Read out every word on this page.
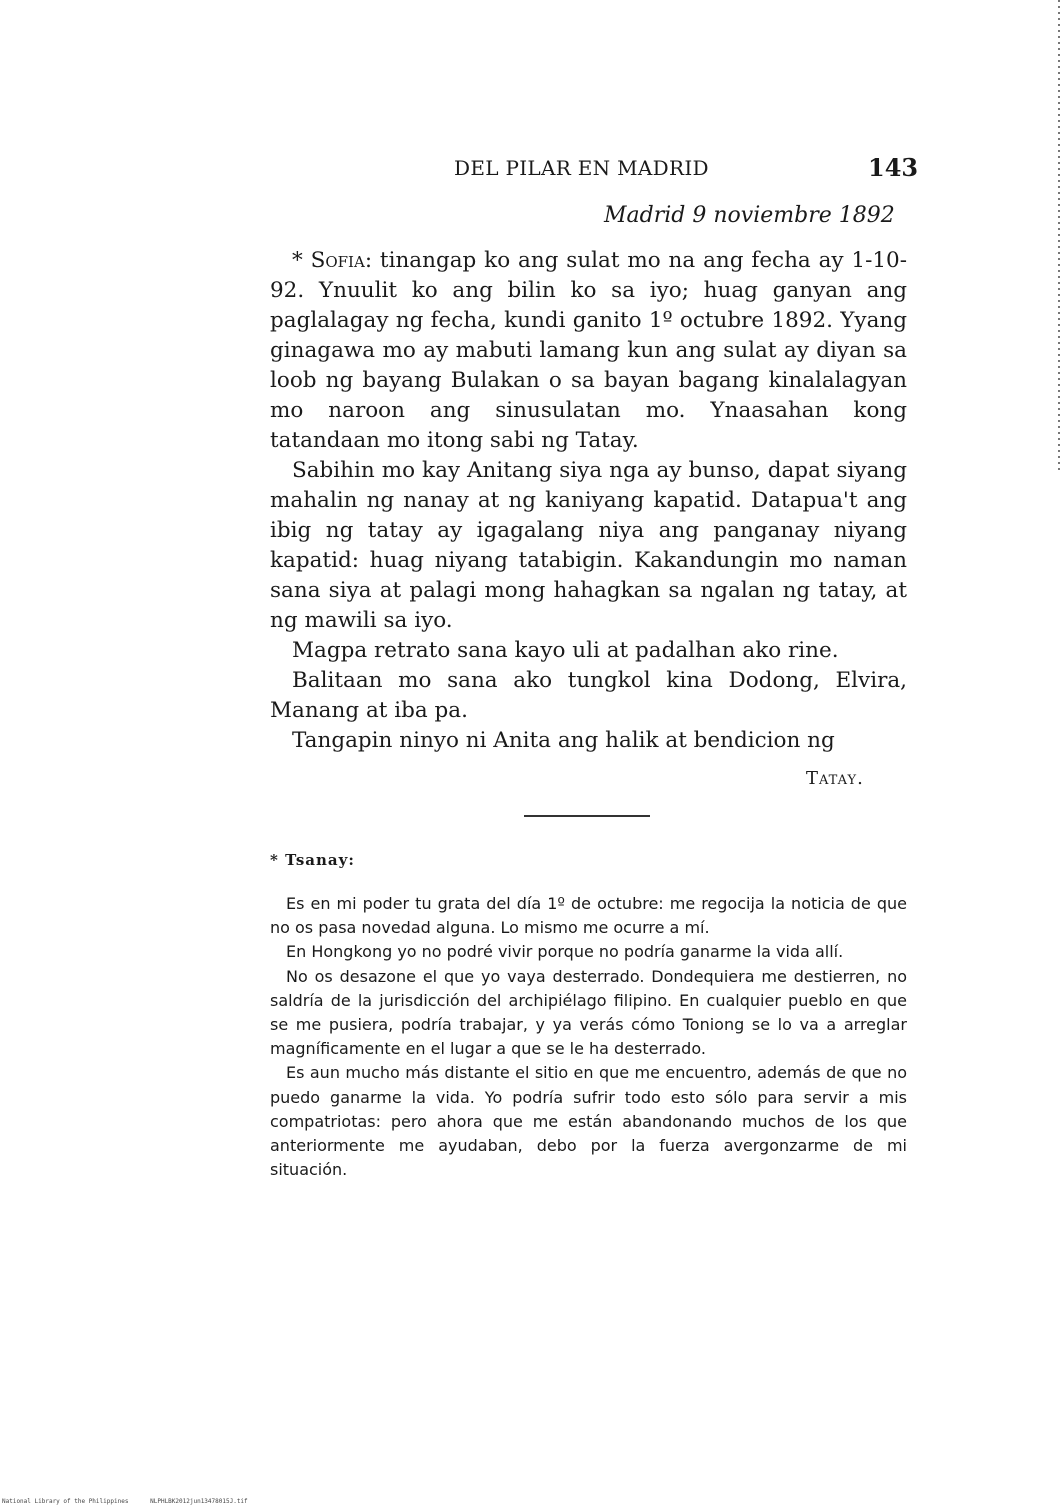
DEL PILAR EN MADRID	143
Madrid 9 noviembre 1892

* Sofia: tinangap ko ang sulat mo na ang fecha ay 1-10-92. Ynuulit ko ang bilin ko sa iyo; huag ganyan ang paglalagay ng fecha, kundi ganito 1º octubre 1892. Yyang ginagawa mo ay mabuti lamang kun ang sulat ay diyan sa loob ng bayang Bulakan o sa bayan bagang kinalalagyan mo naroon ang sinusulatan mo. Ynaasahan kong tatandaan mo itong sabi ng Tatay.

Sabihin mo kay Anitang siya nga ay bunso, dapat siyang mahalin ng nanay at ng kaniyang kapatid. Datapua't ang ibig ng tatay ay igagalang niya ang panganay niyang kapatid: huag niyang tatabigin. Kakandungin mo naman sana siya at palagi mong hahagkan sa ngalan ng tatay, at ng mawili sa iyo.

Magpa retrato sana kayo uli at padalhan ako rine.

Balitaan mo sana ako tungkol kina Dodong, Elvira, Manang at iba pa.

Tangapin ninyo ni Anita ang halik at bendicion ng

Tatay.
* Tsanay:

Es en mi poder tu grata del día 1º de octubre: me regocija la noticia de que no os pasa novedad alguna. Lo mismo me ocurre a mí.

En Hongkong yo no podré vivir porque no podría ganarme la vida allí.

No os desazone el que yo vaya desterrado. Dondequiera me destierren, no saldría de la jurisdicción del archipiélago filipino. En cualquier pueblo en que se me pusiera, podría trabajar, y ya verás cómo Toniong se lo va a arreglar magníficamente en el lugar a que se le ha desterrado.

Es aun mucho más distante el sitio en que me encuentro, además de que no puedo ganarme la vida. Yo podría sufrir todo esto sólo para servir a mis compatriotas: pero ahora que me están abandonando muchos de los que anteriormente me ayudaban, debo por la fuerza avergonzarme de mi situación.

National Library of the Philippines	NLPHLBK2012jun13478015J.tif
